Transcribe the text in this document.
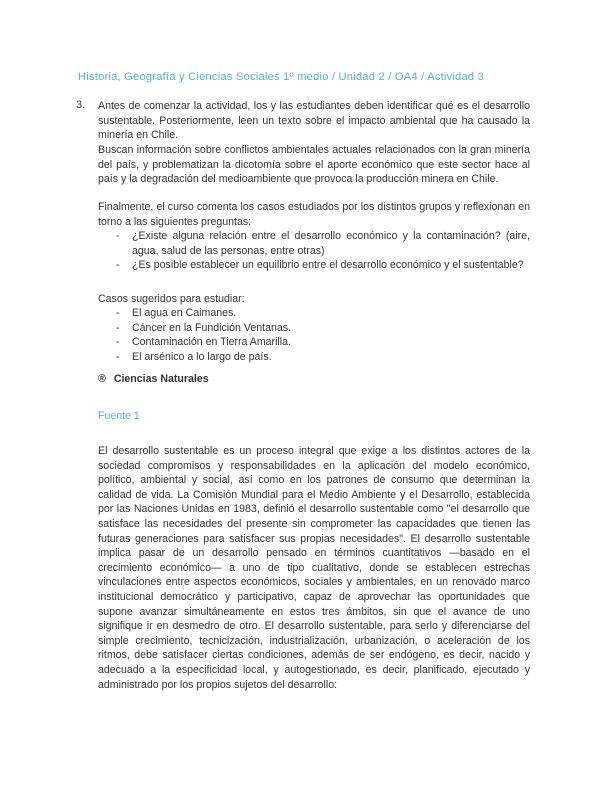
Historia, Geografía y Ciencias Sociales 1º medio / Unidad 2 / OA4 / Actividad 3
3. Antes de comenzar la actividad, los y las estudiantes deben identificar qué es el desarrollo sustentable. Posteriormente, leen un texto sobre el impacto ambiental que ha causado la minería en Chile.
Buscan información sobre conflictos ambientales actuales relacionados con la gran minería del país, y problematizan la dicotomía sobre el aporte económico que este sector hace al país y la degradación del medioambiente que provoca la producción minera en Chile.
Finalmente, el curso comenta los casos estudiados por los distintos grupos y reflexionan en torno a las siguientes preguntas:
- ¿Existe alguna relación entre el desarrollo económico y la contaminación? (aire, agua, salud de las personas, entre otras)
- ¿Es posible establecer un equilibrio entre el desarrollo económico y el sustentable?
Casos sugeridos para estudiar:
- El agua en Caimanes.
- Cáncer en la Fundición Ventanas.
- Contaminación en Tierra Amarilla.
- El arsénico a lo largo de país.
® Ciencias Naturales
Fuente 1
El desarrollo sustentable es un proceso integral que exige a los distintos actores de la sociedad compromisos y responsabilidades en la aplicación del modelo económico, político, ambiental y social, así como en los patrones de consumo que determinan la calidad de vida. La Comisión Mundial para el Medio Ambiente y el Desarrollo, establecida por las Naciones Unidas en 1983, definió el desarrollo sustentable como "el desarrollo que satisface las necesidades del presente sin comprometer las capacidades que tienen las futuras generaciones para satisfacer sus propias necesidades". El desarrollo sustentable implica pasar de un desarrollo pensado en términos cuantitativos —basado en el crecimiento económico— a uno de tipo cualitativo, donde se establecen estrechas vinculaciones entre aspectos económicos, sociales y ambientales, en un renovado marco institucional democrático y participativo, capaz de aprovechar las oportunidades que supone avanzar simultáneamente en estos tres ámbitos, sin que el avance de uno signifique ir en desmedro de otro. El desarrollo sustentable, para serlo y diferenciarse del simple crecimiento, tecnicización, industrialización, urbanización, o aceleración de los ritmos, debe satisfacer ciertas condiciones, además de ser endógeno, es decir, nacido y adecuado a la especificidad local, y autogestionado, es decir, planificado, ejecutado y administrado por los propios sujetos del desarrollo:
